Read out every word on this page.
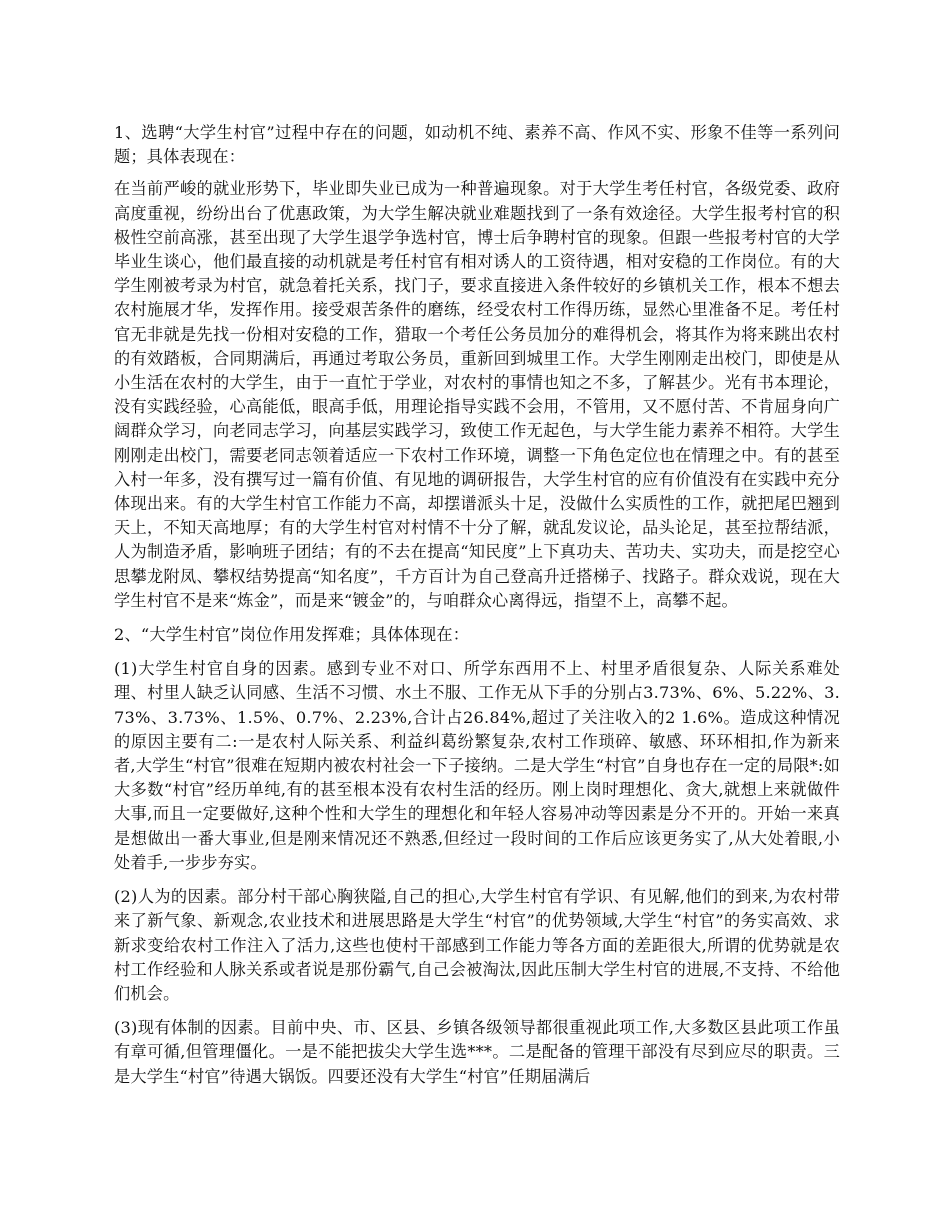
1、选聘“大学生村官”过程中存在的问题，如动机不纯、素养不高、作风不实、形象不佳等一系列问题；具体表现在：

在当前严峻的就业形势下，毕业即失业已成为一种普遍现象。对于大学生考任村官，各级党委、政府高度重视，纷纷出台了优惠政策，为大学生解决就业难题找到了一条有效途径。大学生报考村官的积极性空前高涨，甚至出现了大学生退学争选村官，博士后争聘村官的现象。但跟一些报考村官的大学毕业生谈心，他们最直接的动机就是考任村官有相对诱人的工资待遇，相对安稳的工作岗位。有的大学生刚被考录为村官，就急着托关系，找门子，要求直接进入条件较好的乡镇机关工作，根本不想去农村施展才华，发挥作用。接受艰苦条件的磨练，经受农村工作得历练，显然心里准备不足。考任村官无非就是先找一份相对安稳的工作，猎取一个考任公务员加分的难得机会，将其作为将来跳出农村的有效踏板，合同期满后，再通过考取公务员，重新回到城里工作。大学生刚刚走出校门，即使是从小生活在农村的大学生，由于一直忙于学业，对农村的事情也知之不多，了解甚少。光有书本理论，没有实践经验，心高能低，眼高手低，用理论指导实践不会用，不管用，又不愿付苦、不肯屈身向广阔群众学习，向老同志学习，向基层实践学习，致使工作无起色，与大学生能力素养不相符。大学生刚刚走出校门，需要老同志领着适应一下农村工作环境，调整一下角色定位也在情理之中。有的甚至入村一年多，没有撰写过一篇有价值、有见地的调研报告，大学生村官的应有价值没有在实践中充分体现出来。有的大学生村官工作能力不高，却摆谱派头十足，没做什么实质性的工作，就把尾巴翘到天上，不知天高地厚；有的大学生村官对村情不十分了解，就乱发议论，品头论足，甚至拉帮结派，人为制造矛盾，影响班子团结；有的不去在提高“知民度”上下真功夫、苦功夫、实功夫，而是挖空心思攀龙附凤、攀权结势提高“知名度”，千方百计为自己登高升迁搭梯子、找路子。群众戏说，现在大学生村官不是来“炼金”，而是来“镀金”的，与咱群众心离得远，指望不上，高攀不起。

2、“大学生村官”岗位作用发挥难；具体体现在：

(1)大学生村官自身的因素。感到专业不对口、所学东西用不上、村里矛盾很复杂、人际关系难处理、村里人缺乏认同感、生活不习惯、水土不服、工作无从下手的分别占3.73%、6%、5.22%、3.73%、3.73%、1.5%、0.7%、2.23%,合计占26.84%,超过了关注收入的2 1.6%。造成这种情况的原因主要有二:一是农村人际关系、利益纠葛纷繁复杂,农村工作琐碎、敏感、环环相扣,作为新来者,大学生“村官”很难在短期内被农村社会一下子接纳。二是大学生“村官”自身也存在一定的局限*:如大多数“村官”经历单纯,有的甚至根本没有农村生活的经历。刚上岗时理想化、贪大,就想上来就做件大事,而且一定要做好,这种个性和大学生的理想化和年轻人容易冲动等因素是分不开的。开始一来真是想做出一番大事业,但是刚来情况还不熟悉,但经过一段时间的工作后应该更务实了,从大处着眼,小处着手,一步步夯实。

(2)人为的因素。部分村干部心胸狭隘,自己的担心,大学生村官有学识、有见解,他们的到来,为农村带来了新气象、新观念,农业技术和进展思路是大学生“村官”的优势领域,大学生“村官”的务实高效、求新求变给农村工作注入了活力,这些也使村干部感到工作能力等各方面的差距很大,所谓的优势就是农村工作经验和人脉关系或者说是那份霸气,自己会被淘汰,因此压制大学生村官的进展,不支持、不给他们机会。

(3)现有体制的因素。目前中央、市、区县、乡镇各级领导都很重视此项工作,大多数区县此项工作虽有章可循,但管理僵化。一是不能把拔尖大学生选***。二是配备的管理干部没有尽到应尽的职责。三是大学生“村官”待遇大锅饭。四要还没有大学生“村官”任期届满后
